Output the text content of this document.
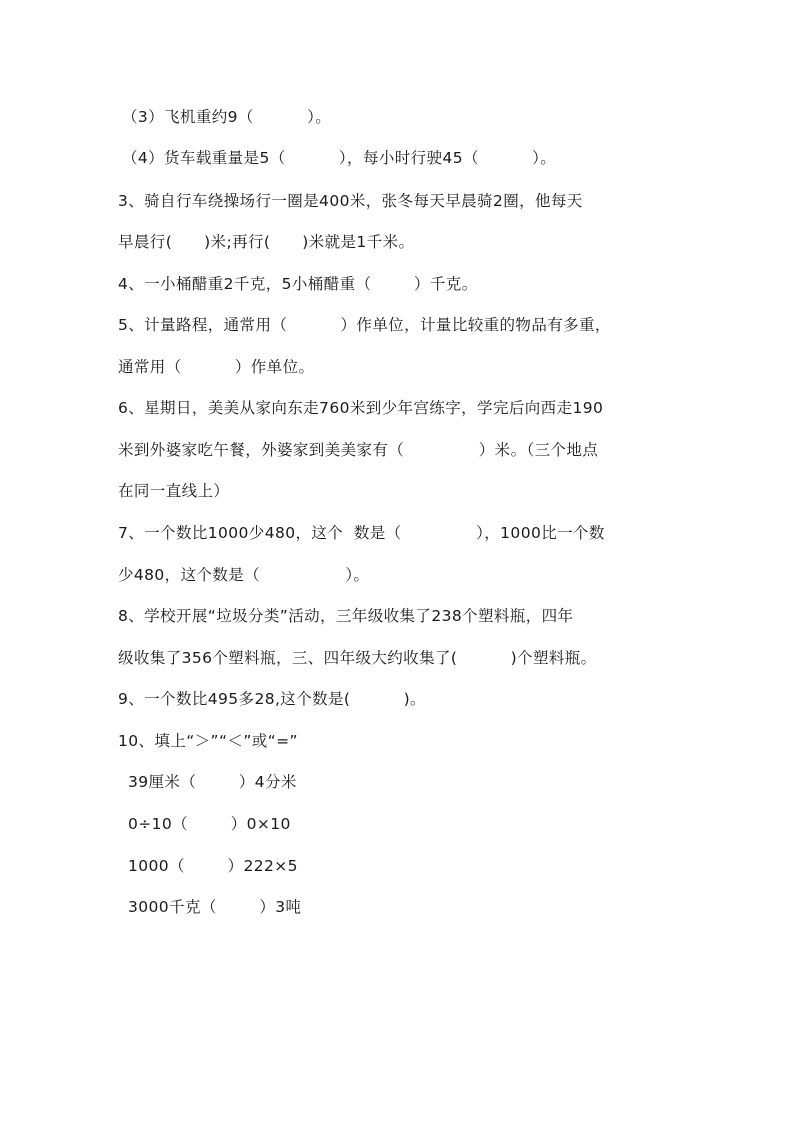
（3）飞机重约9（          ）。
（4）货车载重量是5（          ），每小时行驶45（          ）。
3、骑自行车绕操场行一圈是400米，张冬每天早晨骑2圈，他每天
早晨行(      )米;再行(      )米就是1千米。
4、一小桶醋重2千克，5小桶醋重（        ）千克。
5、计量路程，通常用（          ）作单位，计量比较重的物品有多重，
通常用（          ）作单位。
6、星期日，美美从家向东走760米到少年宫练字，学完后向西走190
米到外婆家吃午餐，外婆家到美美家有（              ）米。（三个地点
在同一直线上）
7、一个数比1000少480，这个  数是（              ），1000比一个数
少480，这个数是（                ）。
8、学校开展“垃圾分类”活动，三年级收集了238个塑料瓶，四年
级收集了356个塑料瓶，三、四年级大约收集了(          )个塑料瓶。
9、一个数比495多28,这个数是(          )。
10、填上“＞”“＜”或“=”
39厘米（        ）4分米
0÷10（        ）0×10
1000（        ）222×5
3000千克（        ）3吨
